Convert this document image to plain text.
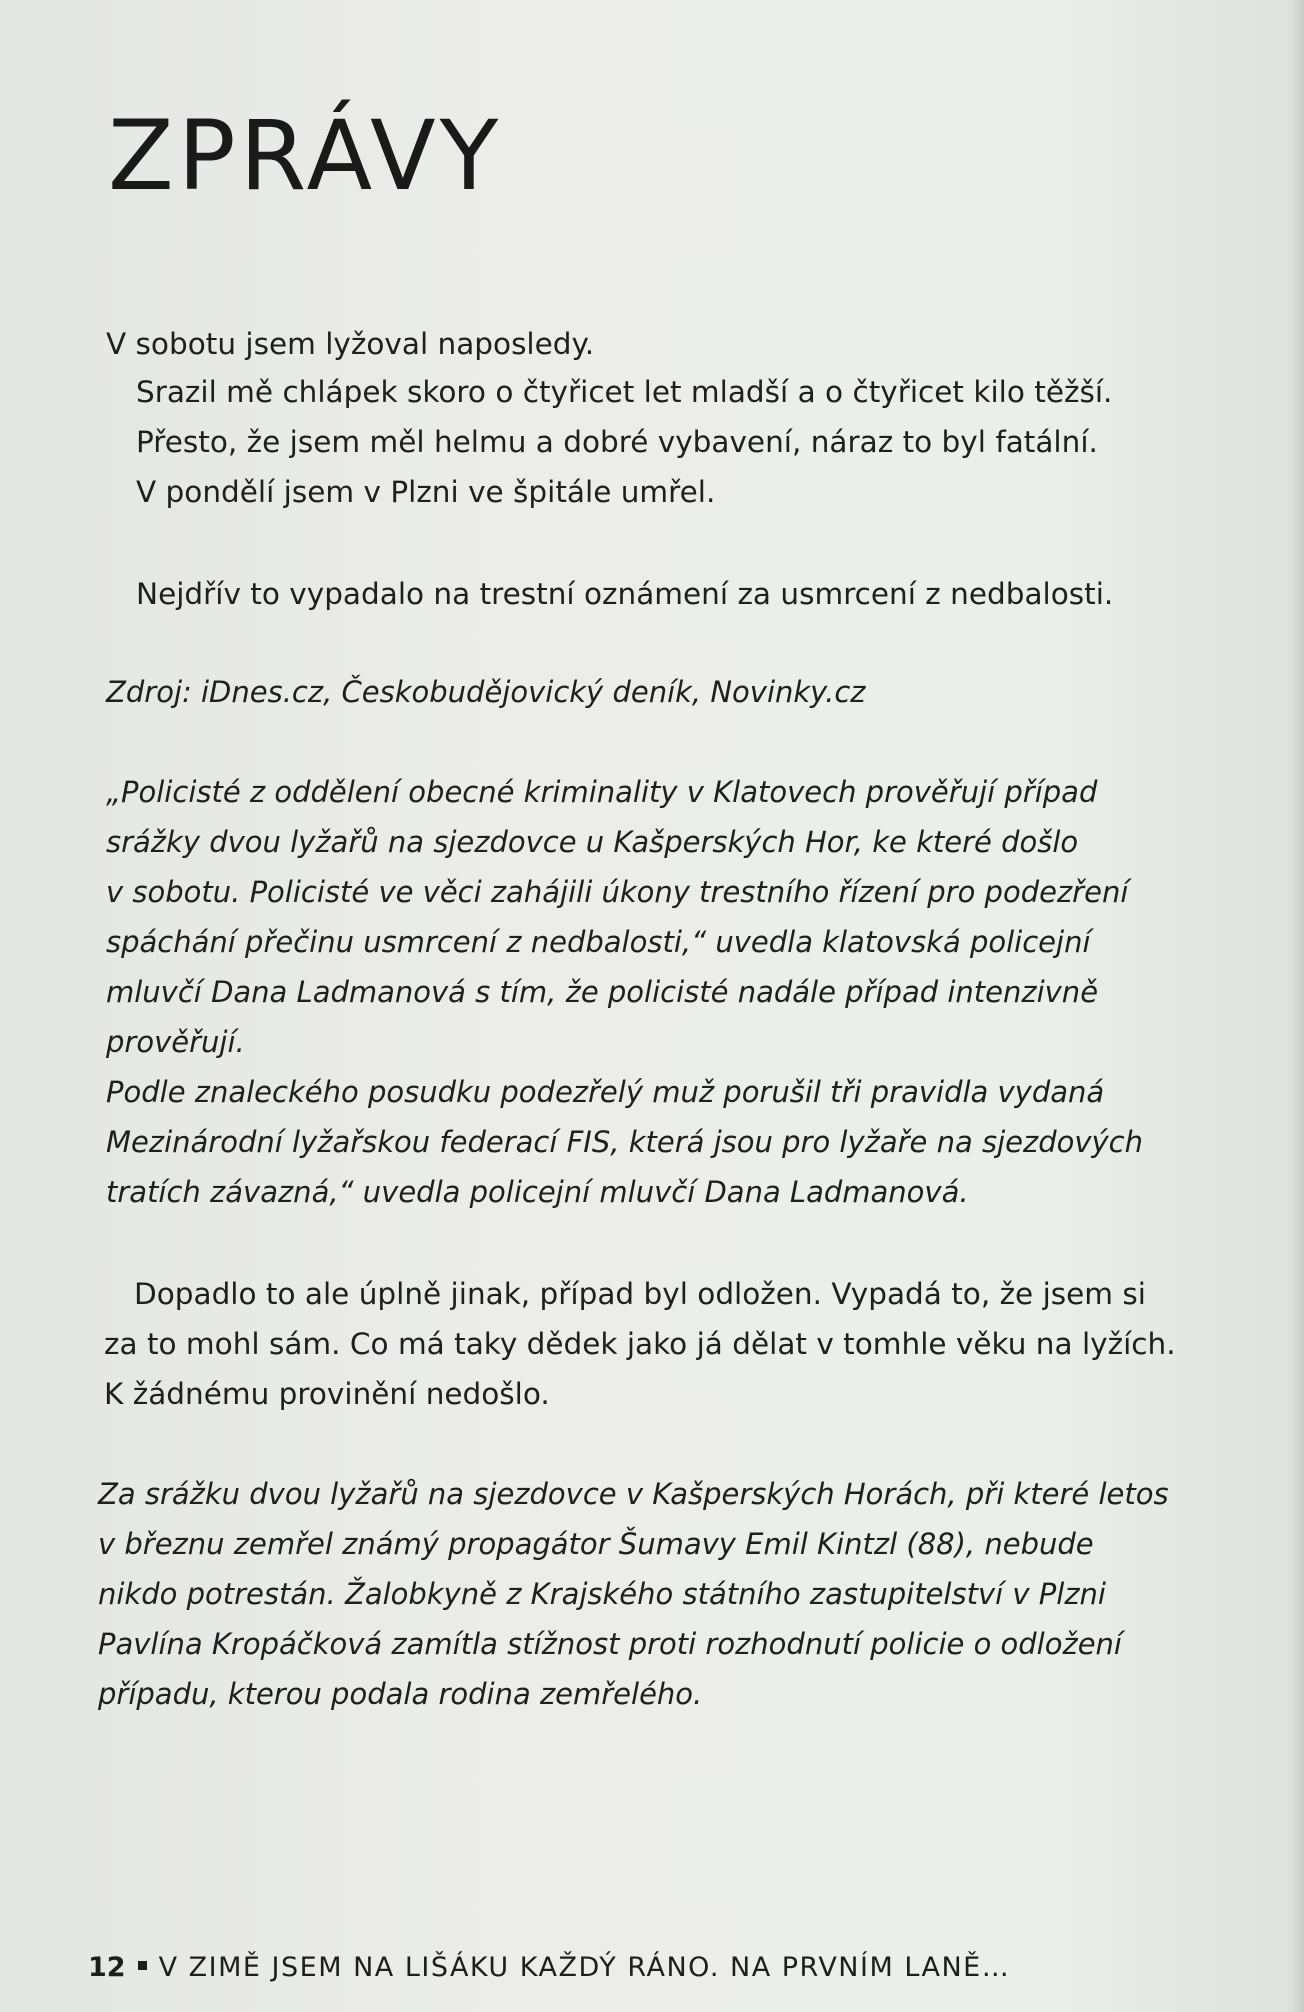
ZPRÁVY
V sobotu jsem lyžoval naposledy.
Srazil mě chlápek skoro o čtyřicet let mladší a o čtyřicet kilo těžší.
Přesto, že jsem měl helmu a dobré vybavení, náraz to byl fatální.
V pondělí jsem v Plzni ve špitále umřel.
Nejdřív to vypadalo na trestní oznámení za usmrcení z nedbalosti.
Zdroj: iDnes.cz, Českobudějovický deník, Novinky.cz
„Policisté z oddělení obecné kriminality v Klatovech prověřují případ
srážky dvou lyžařů na sjezdovce u Kašperských Hor, ke které došlo
v sobotu. Policisté ve věci zahájili úkony trestního řízení pro podezření
spáchání přečinu usmrcení z nedbalosti,“ uvedla klatovská policejní
mluvčí Dana Ladmanová s tím, že policisté nadále případ intenzivně
prověřují.
Podle znaleckého posudku podezřelý muž porušil tři pravidla vydaná
Mezinárodní lyžařskou federací FIS, která jsou pro lyžaře na sjezdových
tratích závazná,“ uvedla policejní mluvčí Dana Ladmanová.
Dopadlo to ale úplně jinak, případ byl odložen. Vypadá to, že jsem si
za to mohl sám. Co má taky dědek jako já dělat v tomhle věku na lyžích.
K žádnému provinění nedošlo.
Za srážku dvou lyžařů na sjezdovce v Kašperských Horách, při které letos
v březnu zemřel známý propagátor Šumavy Emil Kintzl (88), nebude
nikdo potrestán. Žalobkyně z Krajského státního zastupitelství v Plzni
Pavlína Kropáčková zamítla stížnost proti rozhodnutí policie o odložení
případu, kterou podala rodina zemřelého.
12 V ZIMĚ JSEM NA LIŠÁKU KAŽDÝ RÁNO. NA PRVNÍM LANĚ…
